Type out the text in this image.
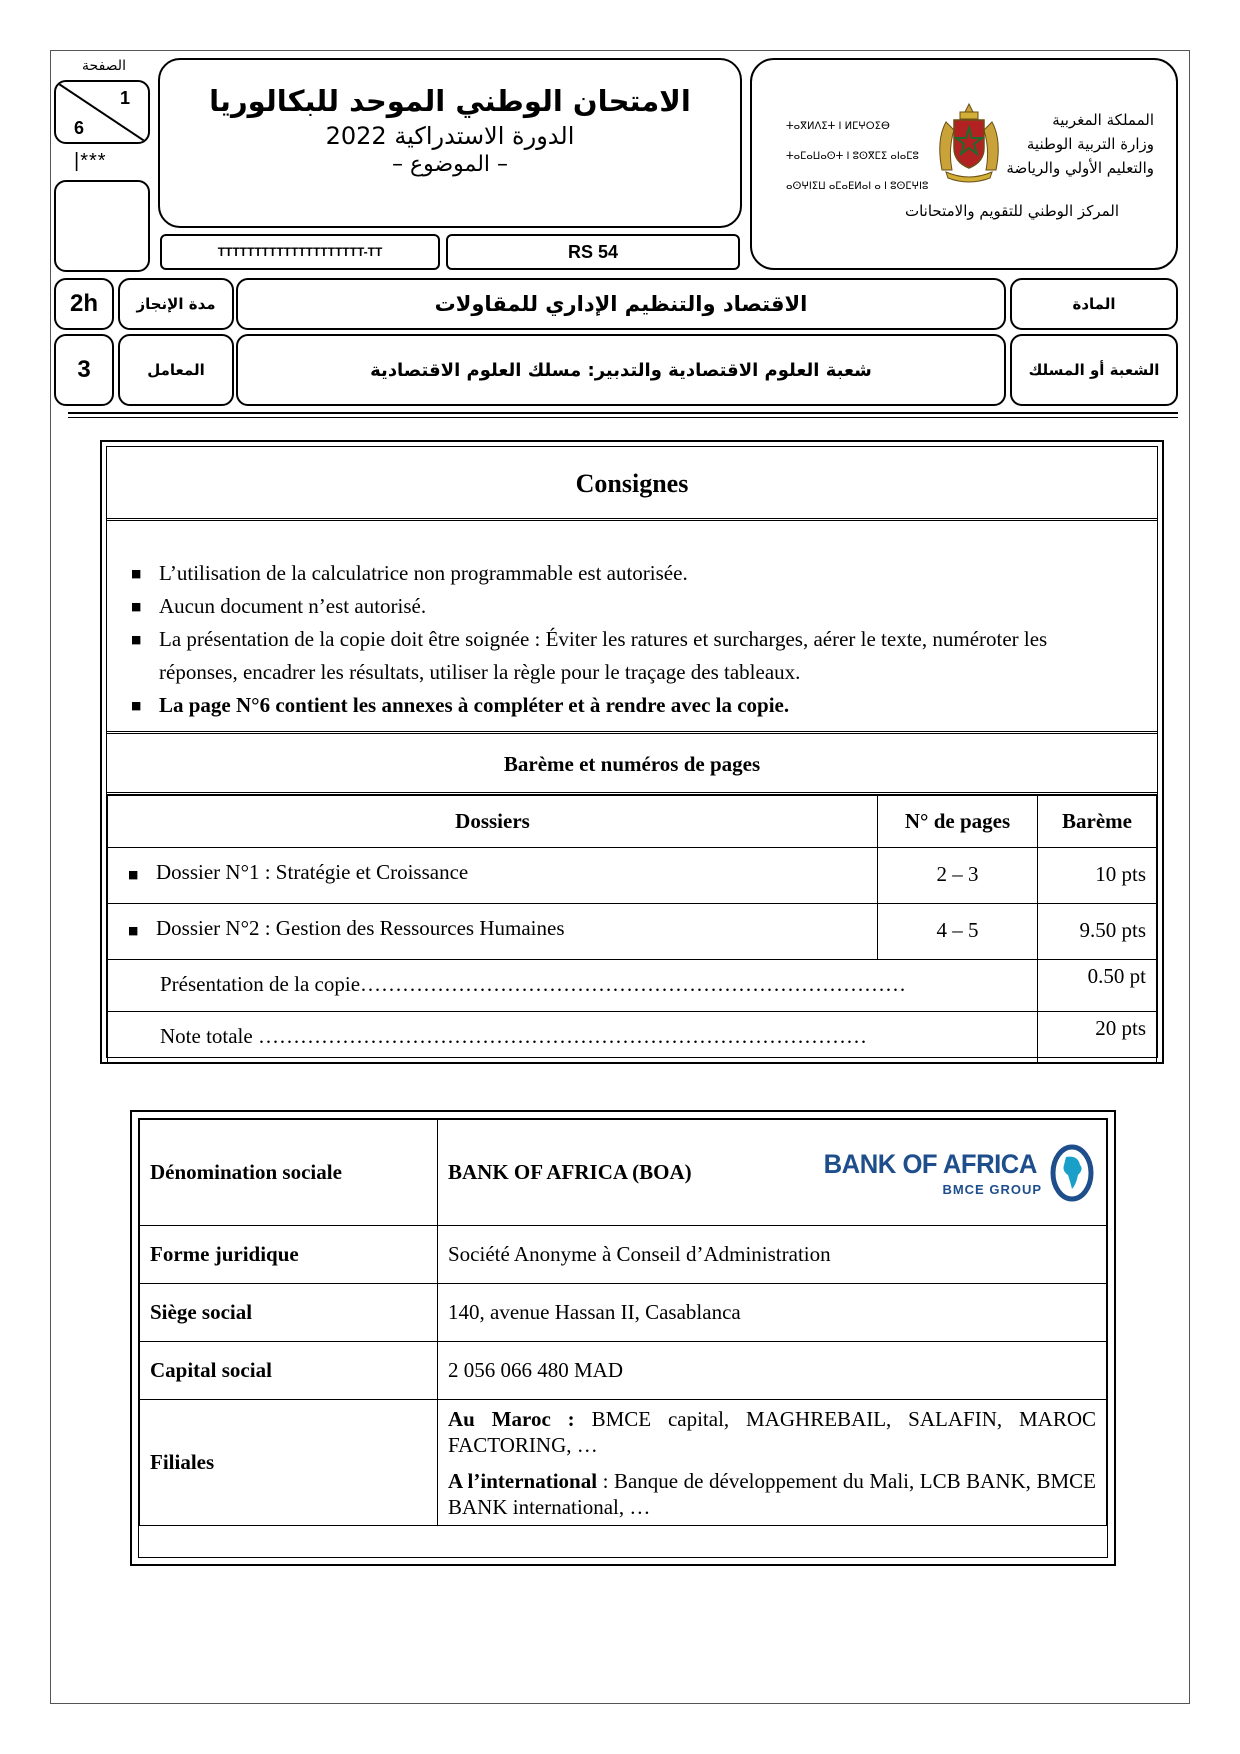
الصفحة
1
6
|***
الامتحان الوطني الموحد للبكالوريا
الدورة الاستدراكية 2022
– الموضوع –
TTTTTTTTTTTTTTTTTTTT-TT	RS 54
ⵜⴰⴳⵍⴷⵉⵜ ⵏ ⵍⵎⵖⵔⵉⴱ
ⵜⴰⵎⴰⵡⴰⵙⵜ ⵏ ⵓⵙⴳⵎⵉ ⴰⵏⴰⵎⵓ
ⴰⵙⵖⵏⵉⵡ ⴰⵎⴰⴹⵍⴰⵏ ⴰ ⵏ ⵓⵙⵎⵖⵏⵓ
المملكة المغربية
وزارة التربية الوطنية
والتعليم الأولي والرياضة
المركز الوطني للتقويم والامتحانات
2h	مدة الإنجاز	الاقتصاد والتنظيم الإداري للمقاولات	المادة
3	المعامل	شعبة العلوم الاقتصادية والتدبير: مسلك العلوم الاقتصادية	الشعبة أو المسلك
Consignes
■ L’utilisation de la calculatrice non programmable est autorisée.
■ Aucun document n’est autorisé.
■ La présentation de la copie doit être soignée : Éviter les ratures et surcharges, aérer le texte, numéroter les réponses, encadrer les résultats, utiliser la règle pour le traçage des tableaux.
■ La page N°6 contient les annexes à compléter et à rendre avec la copie.
Barème et numéros de pages
Dossiers	N° de pages	Barème
■ Dossier N°1 : Stratégie et Croissance	2 – 3	10 pts
■ Dossier N°2 : Gestion des Ressources Humaines	4 – 5	9.50 pts
Présentation de la copie……………………………………………………………………		0.50 pt
Note totale ……………………………………………………………………………		20 pts
Dénomination sociale	BANK OF AFRICA (BOA) BANK OF AFRICA
BMCE GROUP

Forme juridique	Société Anonyme à Conseil d’Administration
Siège social	140, avenue Hassan II, Casablanca
Capital social	2 056 066 480 MAD
Filiales	Au Maroc : BMCE capital, MAGHREBAIL, SALAFIN, MAROC FACTORING, …
A l’international : Banque de développement du Mali, LCB BANK, BMCE BANK international, …
